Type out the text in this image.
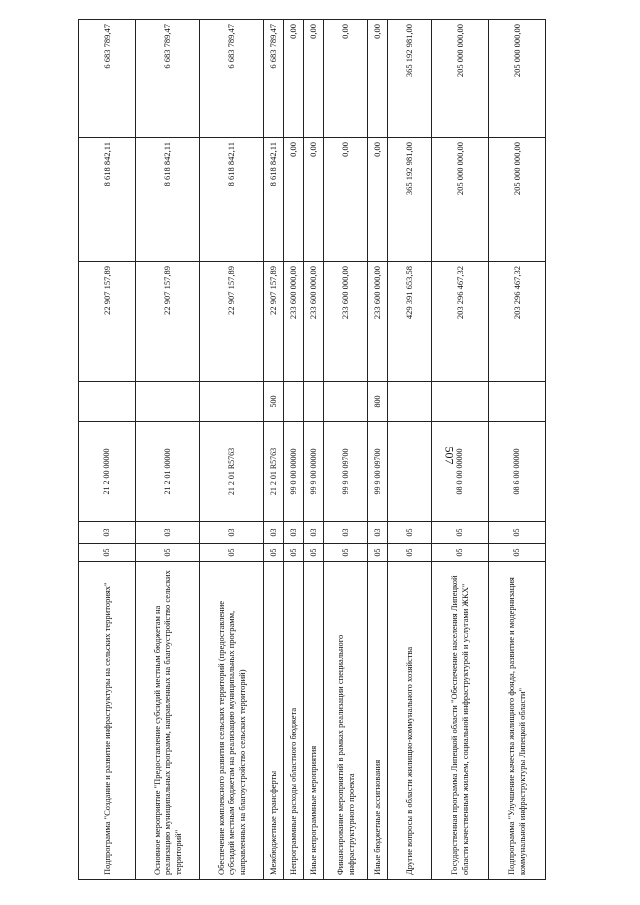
507
Подпрограмма "Создание и развитие инфраструктуры на сельских территориях"	05	03	21 2 00 00000		22 907 157,89	8 618 842,11	6 683 789,47
Основное мероприятие "Предоставление субсидий местным бюджетам на реализацию муниципальных программ, направленных на благоустройство сельских территорий"	05	03	21 2 01 00000		22 907 157,89	8 618 842,11	6 683 789,47
Обеспечение комплексного развития сельских территорий (предоставление субсидий местным бюджетам на реализацию муниципальных программ, направленных на благоустройство сельских территорий)	05	03	21 2 01 R5763		22 907 157,89	8 618 842,11	6 683 789,47
Межбюджетные трансферты	05	03	21 2 01 R5763	500	22 907 157,89	8 618 842,11	6 683 789,47
Непрограммные расходы областного бюджета	05	03	99 0 00 00000		233 600 000,00	0,00	0,00
Иные непрограммные мероприятия	05	03	99 9 00 00000		233 600 000,00	0,00	0,00
Финансирование мероприятий в рамках реализации специального инфраструктурного проекта	05	03	99 9 00 09700		233 600 000,00	0,00	0,00
Иные бюджетные ассигнования	05	03	99 9 00 09700	800	233 600 000,00	0,00	0,00
Другие вопросы в области жилищно-коммунального хозяйства	05	05			429 391 653,58	365 192 981,00	365 192 981,00
Государственная программа Липецкой области "Обеспечение населения Липецкой области качественным жильем, социальной инфраструктурой и услугами ЖКХ"	05	05	08 0 00 00000		203 296 467,32	205 000 000,00	205 000 000,00
Подпрограмма "Улучшение качества жилищного фонда, развитие и модернизация коммунальной инфраструктуры Липецкой области"	05	05	08 6 00 00000		203 296 467,32	205 000 000,00	205 000 000,00
